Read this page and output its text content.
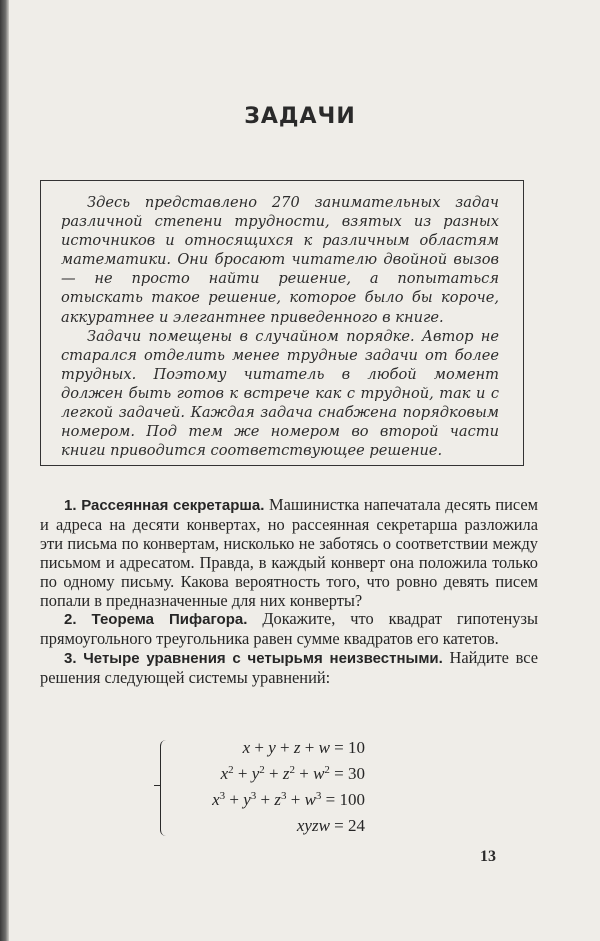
ЗАДАЧИ

Здесь представлено 270 занимательных задач различной степени трудности, взятых из разных источников и относящихся к различным областям математики. Они бросают читателю двойной вызов — не просто найти решение, а попытаться отыскать такое решение, которое было бы короче, аккуратнее и элегантнее приведенного в книге.

Задачи помещены в случайном порядке. Автор не старался отделить менее трудные задачи от более трудных. Поэтому читатель в любой момент должен быть готов к встрече как с трудной, так и с легкой задачей. Каждая задача снабжена порядковым номером. Под тем же номером во второй части книги приводится соответствующее решение.

1. Рассеянная секретарша. Машинистка напечатала десять писем и адреса на десяти конвертах, но рассеянная секретарша разложила эти письма по конвертам, нисколько не заботясь о соответствии между письмом и адресатом. Правда, в каждый конверт она положила только по одному письму. Какова вероятность того, что ровно девять писем попали в предназначенные для них конверты?

2. Теорема Пифагора. Докажите, что квадрат гипотенузы прямоугольного треугольника равен сумме квадратов его катетов.

3. Четыре уравнения с четырьмя неизвестными. Найдите все решения следующей системы уравнений:

x + y + z + w = 10
$x^2 + y^2 + z^2 + w^2 = 30$
$x^3 + y^3 + z^3 + w^3 = 100$
xyzw = 24
13
